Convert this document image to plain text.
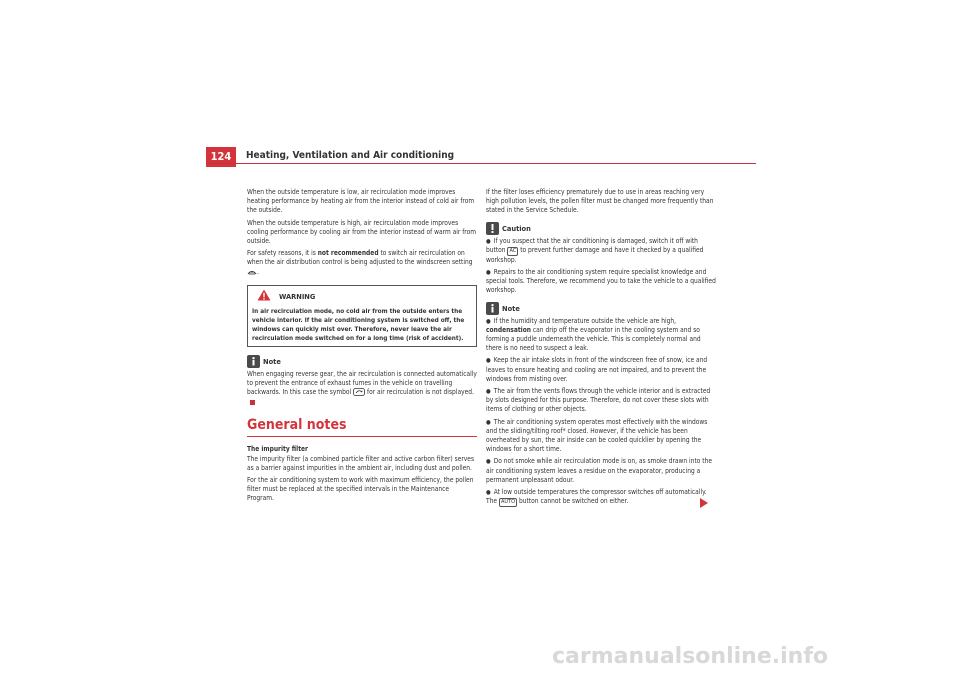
124	Heating, Ventilation and Air conditioning

When the outside temperature is low, air recirculation mode improves heating performance by heating air from the interior instead of cold air from the outside.

When the outside temperature is high, air recirculation mode improves cooling performance by cooling air from the interior instead of warm air from outside.

For safety reasons, it is not recommended to switch air recirculation on when the air distribution control is being adjusted to the windscreen setting .

WARNING
In air recirculation mode, no cold air from the outside enters the vehicle interior. If the air conditioning system is switched off, the windows can quickly mist over. Therefore, never leave the air recirculation mode switched on for a long time (risk of accident).
Note

When engaging reverse gear, the air recirculation is connected automatically to prevent the entrance of exhaust fumes in the vehicle on travelling backwards. In this case the symbol for air recirculation is not displayed.

General notes

The impurity filter

The impurity filter (a combined particle filter and active carbon filter) serves as a barrier against impurities in the ambient air, including dust and pollen.

For the air conditioning system to work with maximum efficiency, the pollen filter must be replaced at the specified intervals in the Maintenance Program.

If the filter loses efficiency prematurely due to use in areas reaching very high pollution levels, the pollen filter must be changed more frequently than stated in the Service Schedule.

Caution

● If you suspect that the air conditioning is damaged, switch it off with button AC to prevent further damage and have it checked by a qualified workshop.

● Repairs to the air conditioning system require specialist knowledge and special tools. Therefore, we recommend you to take the vehicle to a qualified workshop.

Note

● If the humidity and temperature outside the vehicle are high, condensation can drip off the evaporator in the cooling system and so forming a puddle underneath the vehicle. This is completely normal and there is no need to suspect a leak.

● Keep the air intake slots in front of the windscreen free of snow, ice and leaves to ensure heating and cooling are not impaired, and to prevent the windows from misting over.

● The air from the vents flows through the vehicle interior and is extracted by slots designed for this purpose. Therefore, do not cover these slots with items of clothing or other objects.

● The air conditioning system operates most effectively with the windows and the sliding/tilting roof* closed. However, if the vehicle has been overheated by sun, the air inside can be cooled quicklier by opening the windows for a short time.

● Do not smoke while air recirculation mode is on, as smoke drawn into the air conditioning system leaves a residue on the evaporator, producing a permanent unpleasant odour.

● At low outside temperatures the compressor switches off automatically. The AUTO button cannot be switched on either.

carmanualsonline.info
